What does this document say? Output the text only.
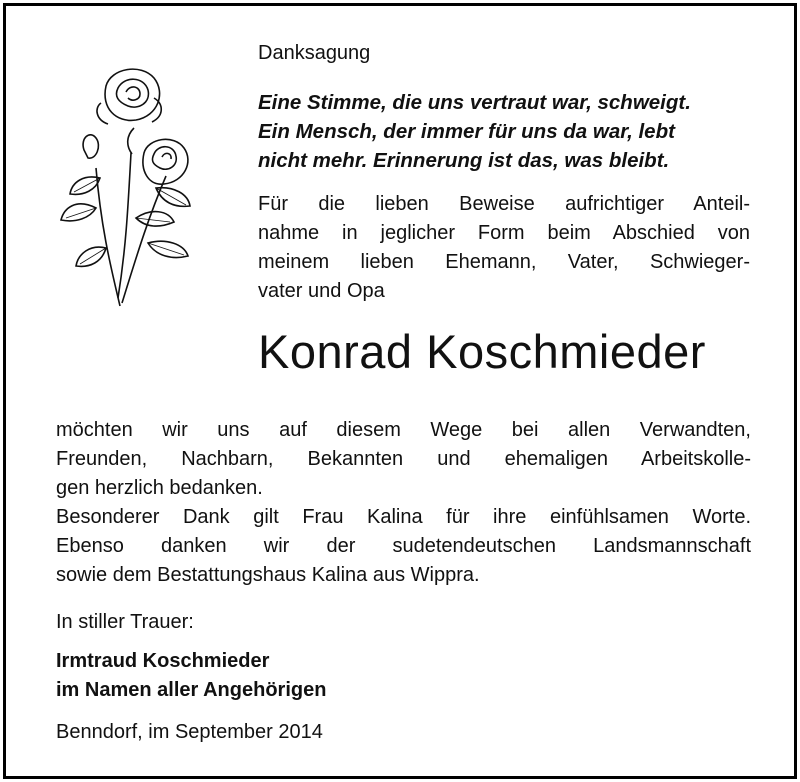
Danksagung
Eine Stimme, die uns vertraut war, schweigt.
Ein Mensch, der immer für uns da war, lebt
nicht mehr. Erinnerung ist das, was bleibt.
Für die lieben Beweise aufrichtiger Anteil-
nahme in jeglicher Form beim Abschied von
meinem lieben Ehemann, Vater, Schwieger-
vater und Opa
Konrad Koschmieder
möchten wir uns auf diesem Wege bei allen Verwandten,
Freunden, Nachbarn, Bekannten und ehemaligen Arbeitskolle-
gen herzlich bedanken.
Besonderer Dank gilt Frau Kalina für ihre einfühlsamen Worte.
Ebenso danken wir der sudetendeutschen Landsmannschaft
sowie dem Bestattungshaus Kalina aus Wippra.
In stiller Trauer:
Irmtraud Koschmieder
im Namen aller Angehörigen
Benndorf, im September 2014
